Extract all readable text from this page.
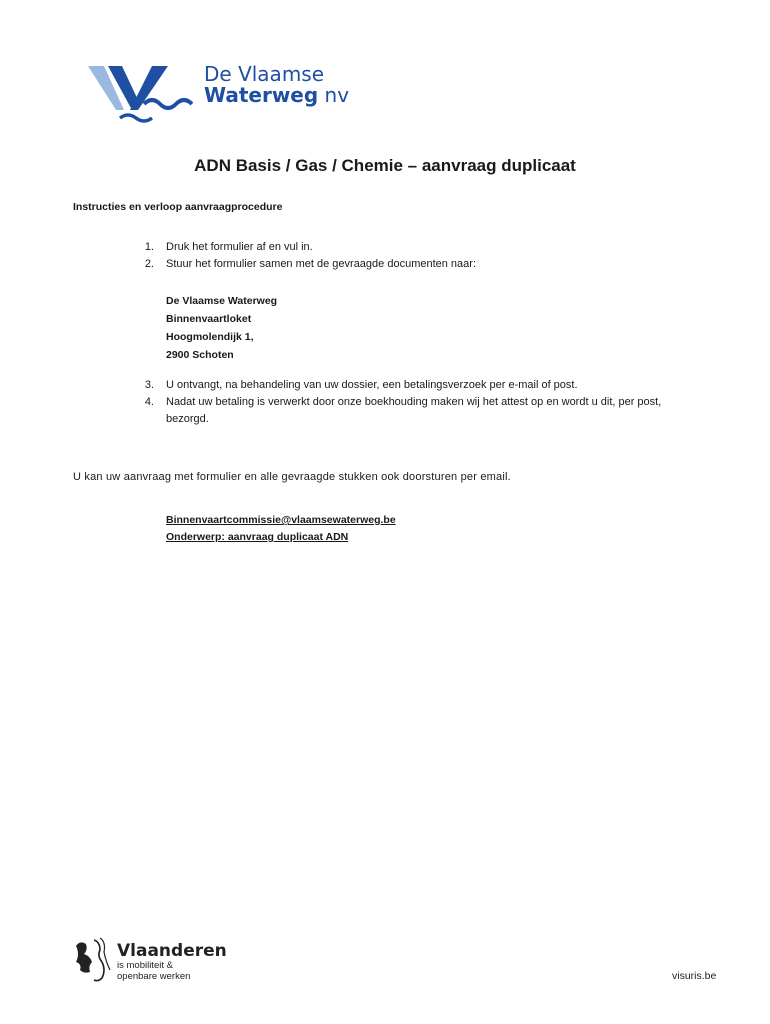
De Vlaamse
Waterweg nv
ADN Basis / Gas / Chemie – aanvraag duplicaat
Instructies en verloop aanvraagprocedure
1. Druk het formulier af en vul in.
2. Stuur het formulier samen met de gevraagde documenten naar:
De Vlaamse Waterweg
Binnenvaartloket
Hoogmolendijk 1,
2900 Schoten
3. U ontvangt, na behandeling van uw dossier, een betalingsverzoek per e-mail of post.
4. Nadat uw betaling is verwerkt door onze boekhouding maken wij het attest op en wordt u dit, per post,
bezorgd.
U kan uw aanvraag met formulier en alle gevraagde stukken ook doorsturen per email.
Binnenvaartcommissie@vlaamsewaterweg.be
Onderwerp: aanvraag duplicaat ADN
Vlaanderen
is mobiliteit &
openbare werken	visuris.be
